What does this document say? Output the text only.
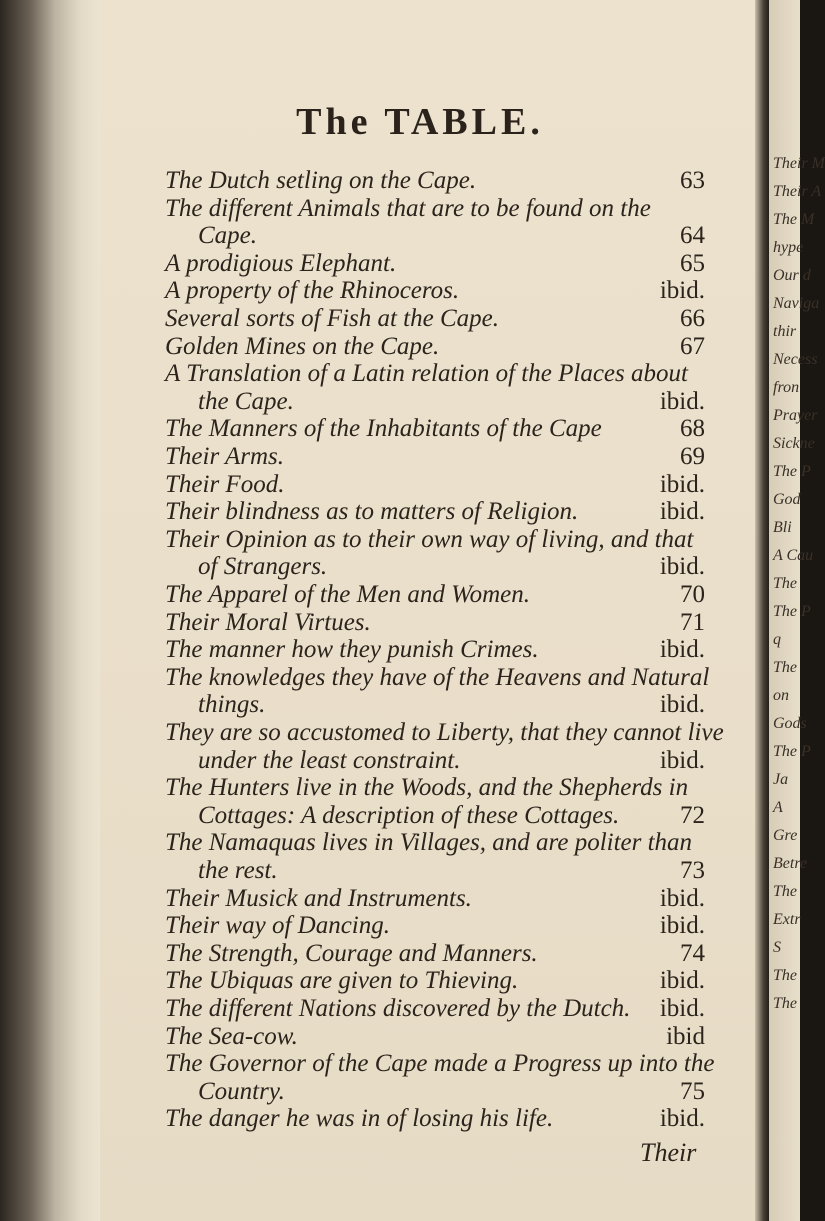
Their M
Their A
The M
hype
Our d
Naviga
thir
Necess
fron
Prayer
Sickne
The P
God
Bli
A Cau
The
The P
q
The
on
Gods
The P
Ja
A
Gre
Betre
The
Extr
S
The
The
The TABLE.
The Dutch setling on the Cape.	63
The different Animals that are to be found on the
Cape.	64
A prodigious Elephant.	65
A property of the Rhinoceros.	ibid.
Several sorts of Fish at the Cape.	66
Golden Mines on the Cape.	67
A Translation of a Latin relation of the Places about
the Cape.	ibid.
The Manners of the Inhabitants of the Cape	68
Their Arms.	69
Their Food.	ibid.
Their blindness as to matters of Religion.	ibid.
Their Opinion as to their own way of living, and that
of Strangers.	ibid.
The Apparel of the Men and Women.	70
Their Moral Virtues.	71
The manner how they punish Crimes.	ibid.
The knowledges they have of the Heavens and Natural
things.	ibid.
They are so accustomed to Liberty, that they cannot live
under the least constraint.	ibid.
The Hunters live in the Woods, and the Shepherds in
Cottages: A description of these Cottages. 72
The Namaquas lives in Villages, and are politer than
the rest.	73
Their Musick and Instruments.	ibid.
Their way of Dancing.	ibid.
The Strength, Courage and Manners.	74
The Ubiquas are given to Thieving.	ibid.
The different Nations discovered by the Dutch. ibid.
The Sea-cow.	ibid
The Governor of the Cape made a Progress up into the
Country.	75
The danger he was in of losing his life.	ibid.
Their
